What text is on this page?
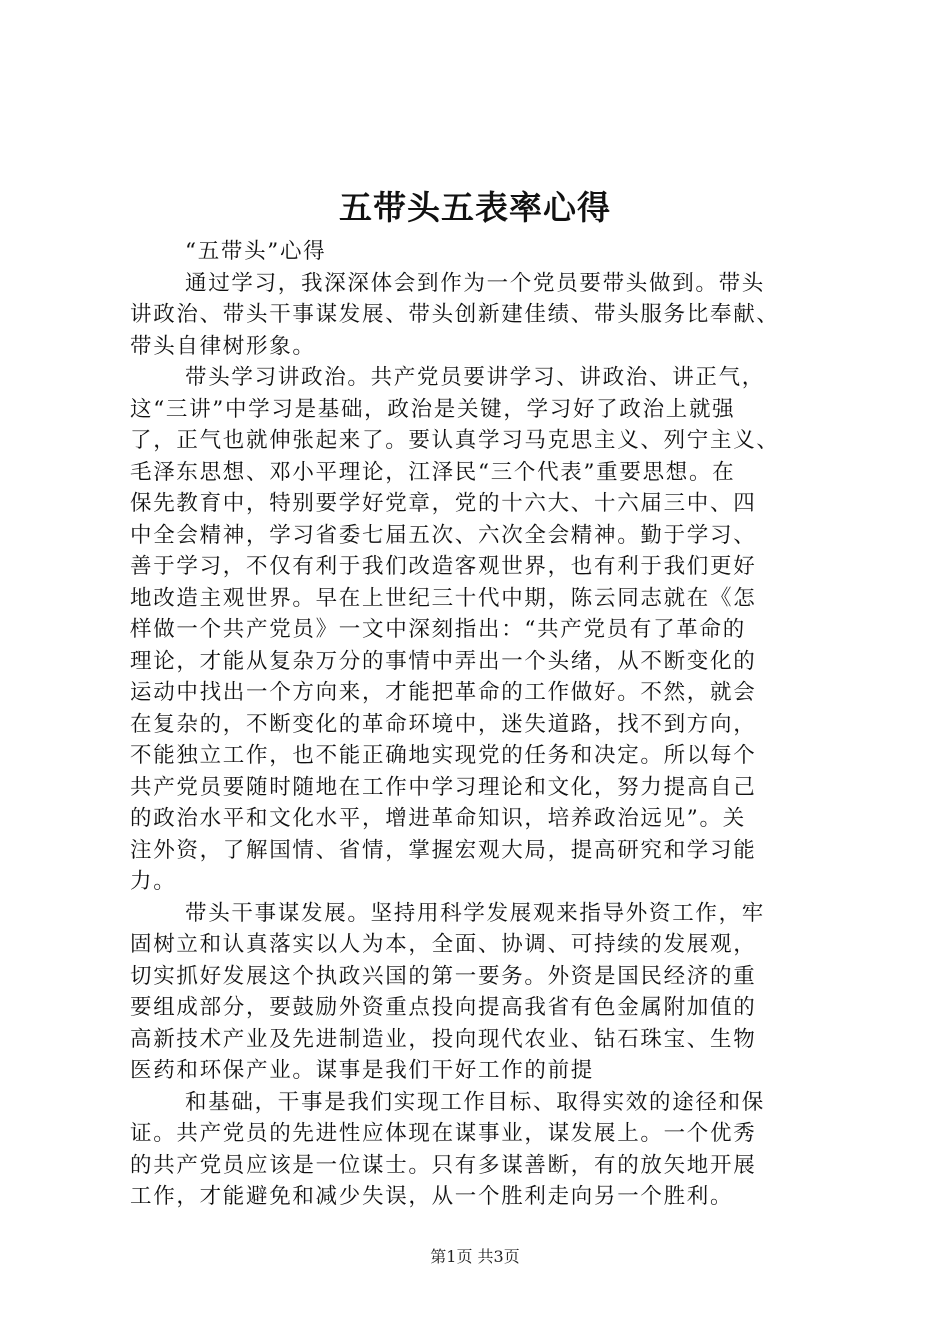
五带头五表率心得
“五带头”心得
通过学习，我深深体会到作为一个党员要带头做到。带头
讲政治、带头干事谋发展、带头创新建佳绩、带头服务比奉献、
带头自律树形象。
带头学习讲政治。共产党员要讲学习、讲政治、讲正气，
这“三讲”中学习是基础，政治是关键，学习好了政治上就强
了，正气也就伸张起来了。要认真学习马克思主义、列宁主义、
毛泽东思想、邓小平理论，江泽民“三个代表”重要思想。在
保先教育中，特别要学好党章，党的十六大、十六届三中、四
中全会精神，学习省委七届五次、六次全会精神。勤于学习、
善于学习，不仅有利于我们改造客观世界，也有利于我们更好
地改造主观世界。早在上世纪三十代中期，陈云同志就在《怎
样做一个共产党员》一文中深刻指出：“共产党员有了革命的
理论，才能从复杂万分的事情中弄出一个头绪，从不断变化的
运动中找出一个方向来，才能把革命的工作做好。不然，就会
在复杂的，不断变化的革命环境中，迷失道路，找不到方向，
不能独立工作，也不能正确地实现党的任务和决定。所以每个
共产党员要随时随地在工作中学习理论和文化，努力提高自己
的政治水平和文化水平，增进革命知识，培养政治远见”。关
注外资，了解国情、省情，掌握宏观大局，提高研究和学习能
力。
带头干事谋发展。坚持用科学发展观来指导外资工作，牢
固树立和认真落实以人为本，全面、协调、可持续的发展观，
切实抓好发展这个执政兴国的第一要务。外资是国民经济的重
要组成部分，要鼓励外资重点投向提高我省有色金属附加值的
高新技术产业及先进制造业，投向现代农业、钻石珠宝、生物
医药和环保产业。谋事是我们干好工作的前提
和基础，干事是我们实现工作目标、取得实效的途径和保
证。共产党员的先进性应体现在谋事业，谋发展上。一个优秀
的共产党员应该是一位谋士。只有多谋善断，有的放矢地开展
工作，才能避免和减少失误，从一个胜利走向另一个胜利。
第1页 共3页
